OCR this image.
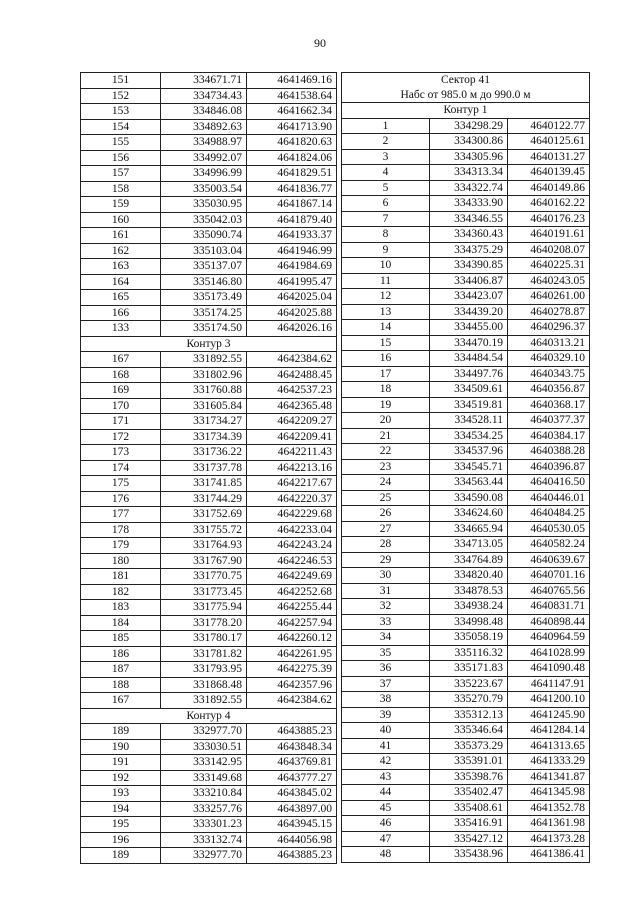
90
151	334671.71	4641469.16
152	334734.43	4641538.64
153	334846.08	4641662.34
154	334892.63	4641713.90
155	334988.97	4641820.63
156	334992.07	4641824.06
157	334996.99	4641829.51
158	335003.54	4641836.77
159	335030.95	4641867.14
160	335042.03	4641879.40
161	335090.74	4641933.37
162	335103.04	4641946.99
163	335137.07	4641984.69
164	335146.80	4641995.47
165	335173.49	4642025.04
166	335174.25	4642025.88
133	335174.50	4642026.16
Контур 3		
167	331892.55	4642384.62
168	331802.96	4642488.45
169	331760.88	4642537.23
170	331605.84	4642365.48
171	331734.27	4642209.27
172	331734.39	4642209.41
173	331736.22	4642211.43
174	331737.78	4642213.16
175	331741.85	4642217.67
176	331744.29	4642220.37
177	331752.69	4642229.68
178	331755.72	4642233.04
179	331764.93	4642243.24
180	331767.90	4642246.53
181	331770.75	4642249.69
182	331773.45	4642252.68
183	331775.94	4642255.44
184	331778.20	4642257.94
185	331780.17	4642260.12
186	331781.82	4642261.95
187	331793.95	4642275.39
188	331868.48	4642357.96
167	331892.55	4642384.62
Контур 4		
189	332977.70	4643885.23
190	333030.51	4643848.34
191	333142.95	4643769.81
192	333149.68	4643777.27
193	333210.84	4643845.02
194	333257.76	4643897.00
195	333301.23	4643945.15
196	333132.74	4644056.98
189	332977.70	4643885.23
Сектор 41		
Набс от 985.0 м до 990.0 м		
Контур 1		
1	334298.29	4640122.77
2	334300.86	4640125.61
3	334305.96	4640131.27
4	334313.34	4640139.45
5	334322.74	4640149.86
6	334333.90	4640162.22
7	334346.55	4640176.23
8	334360.43	4640191.61
9	334375.29	4640208.07
10	334390.85	4640225.31
11	334406.87	4640243.05
12	334423.07	4640261.00
13	334439.20	4640278.87
14	334455.00	4640296.37
15	334470.19	4640313.21
16	334484.54	4640329.10
17	334497.76	4640343.75
18	334509.61	4640356.87
19	334519.81	4640368.17
20	334528.11	4640377.37
21	334534.25	4640384.17
22	334537.96	4640388.28
23	334545.71	4640396.87
24	334563.44	4640416.50
25	334590.08	4640446.01
26	334624.60	4640484.25
27	334665.94	4640530.05
28	334713.05	4640582.24
29	334764.89	4640639.67
30	334820.40	4640701.16
31	334878.53	4640765.56
32	334938.24	4640831.71
33	334998.48	4640898.44
34	335058.19	4640964.59
35	335116.32	4641028.99
36	335171.83	4641090.48
37	335223.67	4641147.91
38	335270.79	4641200.10
39	335312.13	4641245.90
40	335346.64	4641284.14
41	335373.29	4641313.65
42	335391.01	4641333.29
43	335398.76	4641341.87
44	335402.47	4641345.98
45	335408.61	4641352.78
46	335416.91	4641361.98
47	335427.12	4641373.28
48	335438.96	4641386.41
